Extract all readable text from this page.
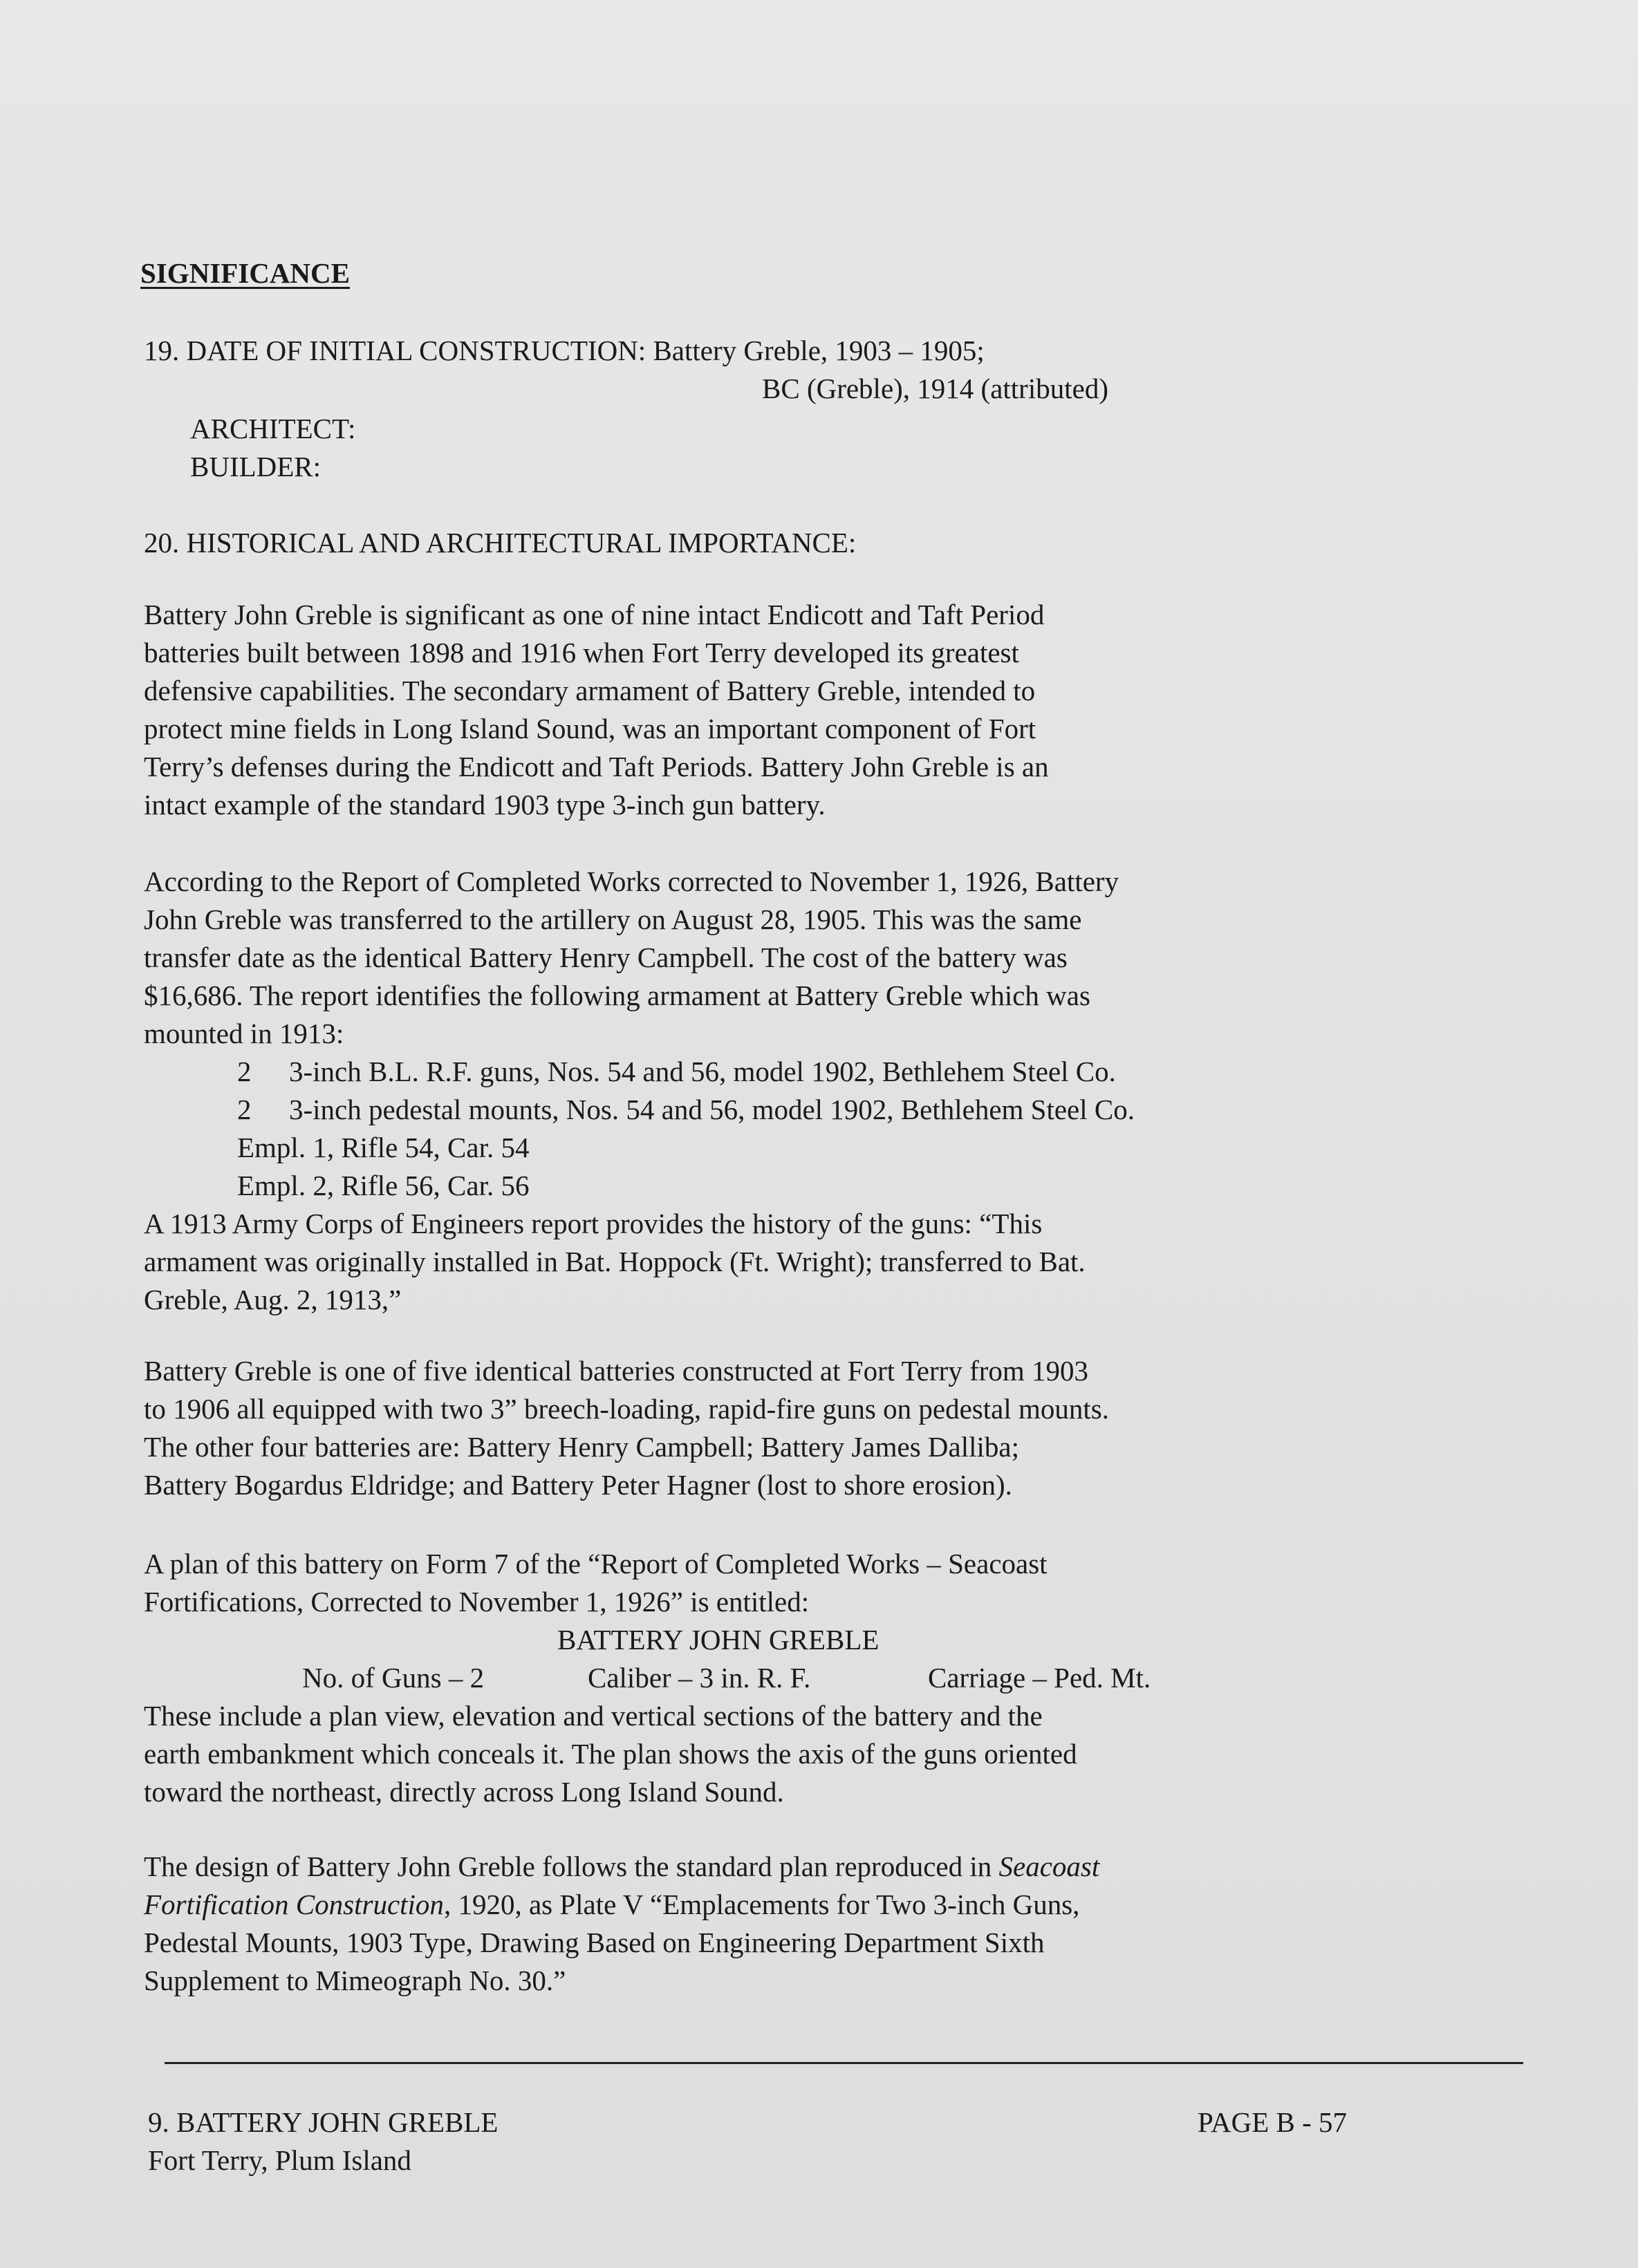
SIGNIFICANCE
19. DATE OF INITIAL CONSTRUCTION: Battery Greble, 1903 – 1905;
BC (Greble), 1914 (attributed)
ARCHITECT:
BUILDER:
20. HISTORICAL AND ARCHITECTURAL IMPORTANCE:
Battery John Greble is significant as one of nine intact Endicott and Taft Period
batteries built between 1898 and 1916 when Fort Terry developed its greatest
defensive capabilities. The secondary armament of Battery Greble, intended to
protect mine fields in Long Island Sound, was an important component of Fort
Terry’s defenses during the Endicott and Taft Periods. Battery John Greble is an
intact example of the standard 1903 type 3-inch gun battery.
According to the Report of Completed Works corrected to November 1, 1926, Battery
John Greble was transferred to the artillery on August 28, 1905. This was the same
transfer date as the identical Battery Henry Campbell. The cost of the battery was
$16,686. The report identifies the following armament at Battery Greble which was
mounted in 1913:
2 3-inch B.L. R.F. guns, Nos. 54 and 56, model 1902, Bethlehem Steel Co.
2 3-inch pedestal mounts, Nos. 54 and 56, model 1902, Bethlehem Steel Co.
Empl. 1, Rifle 54, Car. 54
Empl. 2, Rifle 56, Car. 56
A 1913 Army Corps of Engineers report provides the history of the guns: “This
armament was originally installed in Bat. Hoppock (Ft. Wright); transferred to Bat.
Greble, Aug. 2, 1913,”
Battery Greble is one of five identical batteries constructed at Fort Terry from 1903
to 1906 all equipped with two 3” breech-loading, rapid-fire guns on pedestal mounts.
The other four batteries are: Battery Henry Campbell; Battery James Dalliba;
Battery Bogardus Eldridge; and Battery Peter Hagner (lost to shore erosion).
A plan of this battery on Form 7 of the “Report of Completed Works – Seacoast
Fortifications, Corrected to November 1, 1926” is entitled:
BATTERY JOHN GREBLE
No. of Guns – 2	Caliber – 3 in. R. F.	Carriage – Ped. Mt.
These include a plan view, elevation and vertical sections of the battery and the
earth embankment which conceals it. The plan shows the axis of the guns oriented
toward the northeast, directly across Long Island Sound.
The design of Battery John Greble follows the standard plan reproduced in Seacoast
Fortification Construction, 1920, as Plate V “Emplacements for Two 3-inch Guns,
Pedestal Mounts, 1903 Type, Drawing Based on Engineering Department Sixth
Supplement to Mimeograph No. 30.”
9. BATTERY JOHN GREBLE
Fort Terry, Plum Island
PAGE B - 57
